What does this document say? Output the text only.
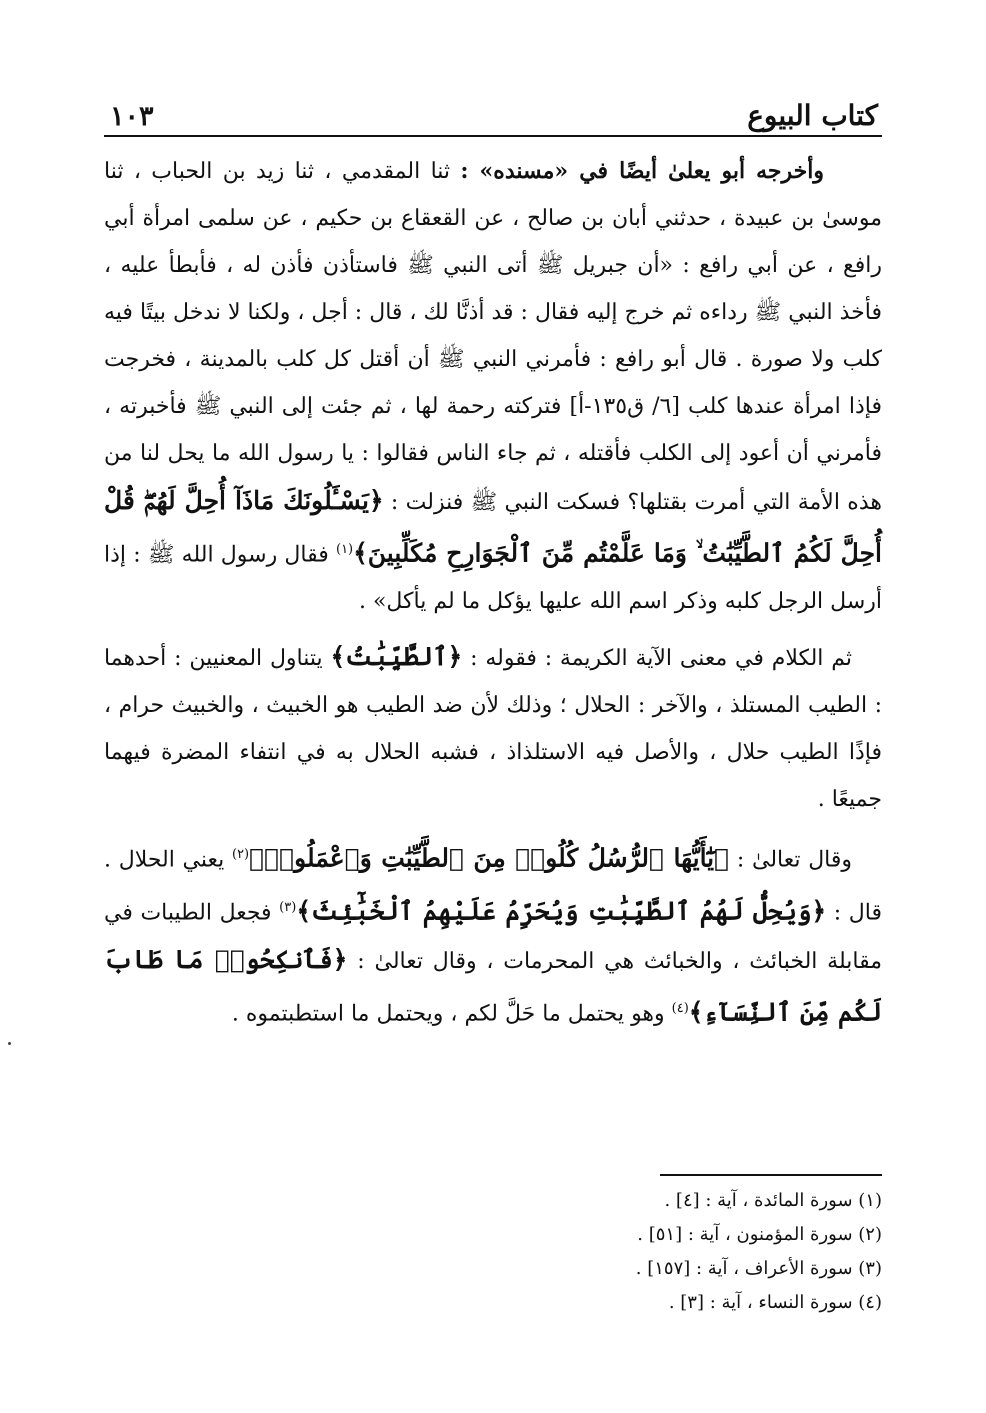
كتاب البيوع
١٠٣

وأخرجه أبو يعلىٰ أيضًا في «مسنده» : ثنا المقدمي ، ثنا زيد بن الحباب ، ثنا موسىٰ بن عبيدة ، حدثني أبان بن صالح ، عن القعقاع بن حكيم ، عن سلمى امرأة أبي رافع ، عن أبي رافع : «أن جبريل ﷺ أتى النبي ﷺ فاستأذن فأذن له ، فأبطأ عليه ، فأخذ النبي ﷺ رداءه ثم خرج إليه فقال : قد أذنَّا لك ، قال : أجل ، ولكنا لا ندخل بيتًا فيه كلب ولا صورة . قال أبو رافع : فأمرني النبي ﷺ أن أقتل كل كلب بالمدينة ، فخرجت فإذا امرأة عندها كلب [٦/ ق١٣٥-أ] فتركته رحمة لها ، ثم جئت إلى النبي ﷺ فأخبرته ، فأمرني أن أعود إلى الكلب فأقتله ، ثم جاء الناس فقالوا : يا رسول الله ما يحل لنا من هذه الأمة التي أمرت بقتلها؟ فسكت النبي ﷺ فنزلت : ﴿يَسْـَٔلُونَكَ مَاذَآ أُحِلَّ لَهُمْۖ قُلْ أُحِلَّ لَكُمُ ٱلطَّيِّبَٰتُ ۙ وَمَا عَلَّمْتُم مِّنَ ٱلْجَوَارِحِ مُكَلِّبِينَ﴾$^{(١)}$ فقال رسول الله ﷺ : إذا أرسل الرجل كلبه وذكر اسم الله عليها يؤكل ما لم يأكل» .

ثم الكلام في معنى الآية الكريمة : فقوله : ﴿ٱلطَّيِّبَٰتُ﴾ يتناول المعنيين : أحدهما : الطيب المستلذ ، والآخر : الحلال ؛ وذلك لأن ضد الطيب هو الخبيث ، والخبيث حرام ، فإذًا الطيب حلال ، والأصل فيه الاستلذاذ ، فشبه الحلال به في انتفاء المضرة فيهما جميعًا .

وقال تعالىٰ : ﴿يَٰٓأَيُّهَا ٱلرُّسُلُ كُلُوا۟ مِنَ ٱلطَّيِّبَٰتِ وَٱعْمَلُوا۟﴾$^{(٢)}$ يعني الحلال . قال : ﴿وَيُحِلُّ لَهُمُ ٱلطَّيِّبَٰتِ وَيُحَرِّمُ عَلَيْهِمُ ٱلْخَبَٰٓئِثَ﴾$^{(٣)}$ فجعل الطيبات في مقابلة الخبائث ، والخبائث هي المحرمات ، وقال تعالىٰ : ﴿فَٱنكِحُوا۟ مَا طَابَ لَكُم مِّنَ ٱلنِّسَآءِ﴾$^{(٤)}$ وهو يحتمل ما حَلَّ لكم ، ويحتمل ما استطبتموه .

(١) سورة المائدة ، آية : [٤] .
(٢) سورة المؤمنون ، آية : [٥١] .
(٣) سورة الأعراف ، آية : [١٥٧] .
(٤) سورة النساء ، آية : [٣] .
